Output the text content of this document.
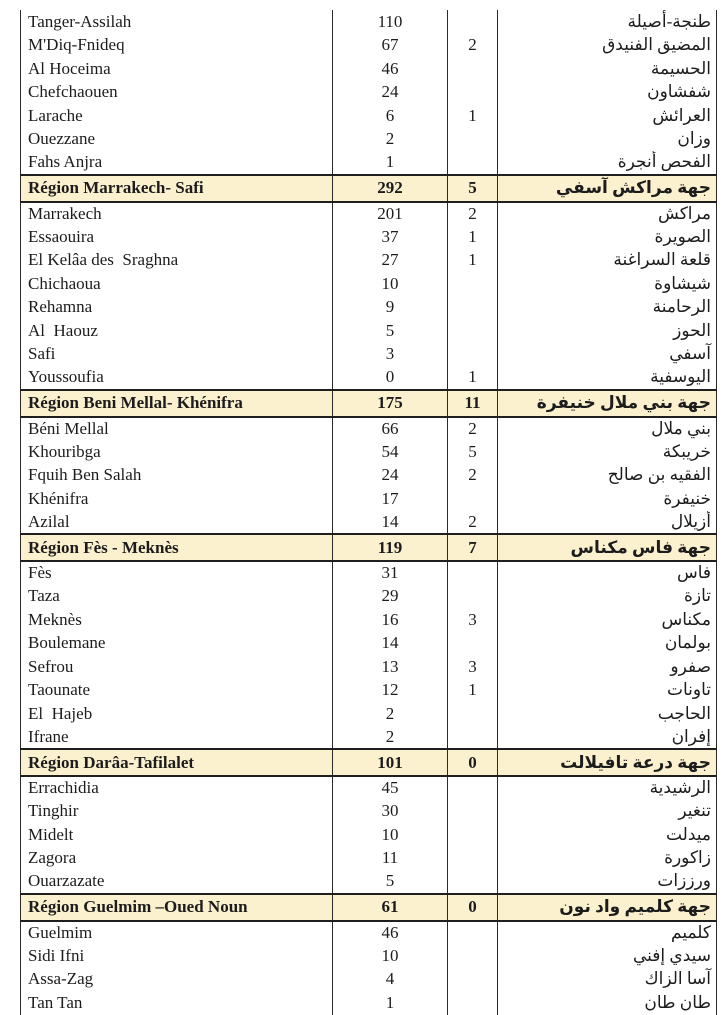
Tanger-Assilah	110		طنجة-أصيلة
M'Diq-Fnideq	67	2	المضيق الفنيدق
Al Hoceima	46		الحسيمة
Chefchaouen	24		شفشاون
Larache	6	1	العرائش
Ouezzane	2		وزان
Fahs Anjra	1		الفحص أنجرة
Région Marrakech- Safi	292	5	جهة مراكش آسفي
Marrakech	201	2	مراكش
Essaouira	37	1	الصويرة
El Kelâa des  Sraghna	27	1	قلعة السراغنة
Chichaoua	10		شيشاوة
Rehamna	9		الرحامنة
Al  Haouz	5		الحوز
Safi	3		آسفي
Youssoufia	0	1	اليوسفية
Région Beni Mellal- Khénifra	175	11	جهة بني ملال خنيفرة
Béni Mellal	66	2	بني ملال
Khouribga	54	5	خريبكة
Fquih Ben Salah	24	2	الفقيه بن صالح
Khénifra	17		خنيفرة
Azilal	14	2	أزيلال
Région Fès - Meknès	119	7	جهة فاس مكناس
Fès	31		فاس
Taza	29		تازة
Meknès	16	3	مكناس
Boulemane	14		بولمان
Sefrou	13	3	صفرو
Taounate	12	1	تاونات
El  Hajeb	2		الحاجب
Ifrane	2		إفران
Région Darâa-Tafilalet	101	0	جهة درعة تافيلالت
Errachidia	45		الرشيدية
Tinghir	30		تنغير
Midelt	10		ميدلت
Zagora	11		زاكورة
Ouarzazate	5		ورززات
Région Guelmim –Oued Noun	61	0	جهة كلميم واد نون
Guelmim	46		كلميم
Sidi Ifni	10		سيدي إفني
Assa-Zag	4		آسا الزاك
Tan Tan	1		طان طان
